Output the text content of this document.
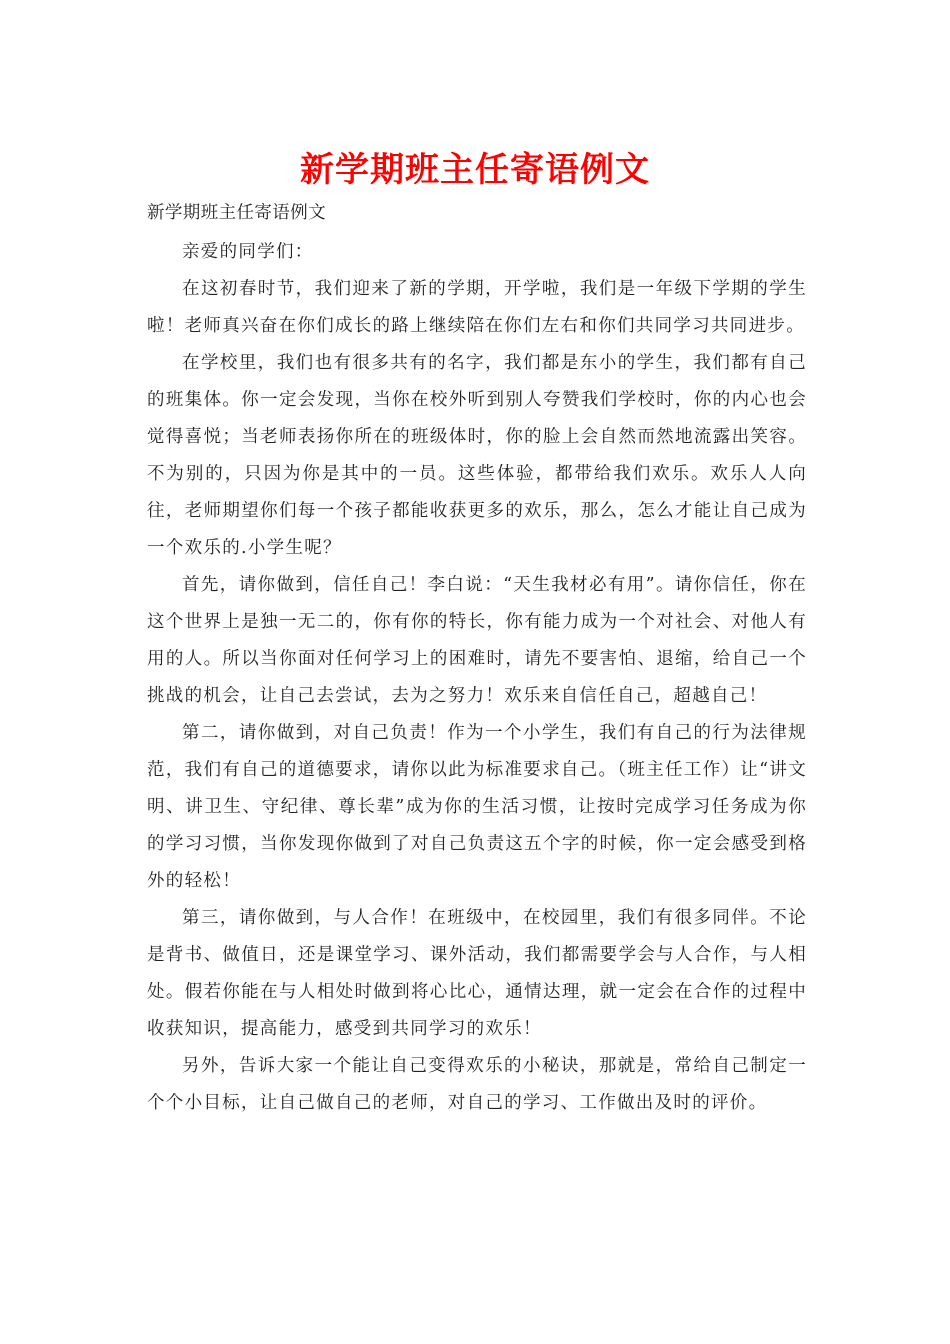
新学期班主任寄语例文

新学期班主任寄语例文

亲爱的同学们：

在这初春时节，我们迎来了新的学期，开学啦，我们是一年级下学期的学生啦！老师真兴奋在你们成长的路上继续陪在你们左右和你们共同学习共同进步。

在学校里，我们也有很多共有的名字，我们都是东小的学生，我们都有自己的班集体。你一定会发现，当你在校外听到别人夸赞我们学校时，你的内心也会觉得喜悦；当老师表扬你所在的班级体时，你的脸上会自然而然地流露出笑容。不为别的，只因为你是其中的一员。这些体验，都带给我们欢乐。欢乐人人向往，老师期望你们每一个孩子都能收获更多的欢乐，那么，怎么才能让自己成为一个欢乐的.小学生呢？

首先，请你做到，信任自己！李白说：“天生我材必有用”。请你信任，你在这个世界上是独一无二的，你有你的特长，你有能力成为一个对社会、对他人有用的人。所以当你面对任何学习上的困难时，请先不要害怕、退缩，给自己一个挑战的机会，让自己去尝试，去为之努力！欢乐来自信任自己，超越自己！

第二，请你做到，对自己负责！作为一个小学生，我们有自己的行为法律规范，我们有自己的道德要求，请你以此为标准要求自己。（班主任工作）让“讲文明、讲卫生、守纪律、尊长辈”成为你的生活习惯，让按时完成学习任务成为你的学习习惯，当你发现你做到了对自己负责这五个字的时候，你一定会感受到格外的轻松！

第三，请你做到，与人合作！在班级中，在校园里，我们有很多同伴。不论是背书、做值日，还是课堂学习、课外活动，我们都需要学会与人合作，与人相处。假若你能在与人相处时做到将心比心，通情达理，就一定会在合作的过程中收获知识，提高能力，感受到共同学习的欢乐！

另外，告诉大家一个能让自己变得欢乐的小秘诀，那就是，常给自己制定一个个小目标，让自己做自己的老师，对自己的学习、工作做出及时的评价。
